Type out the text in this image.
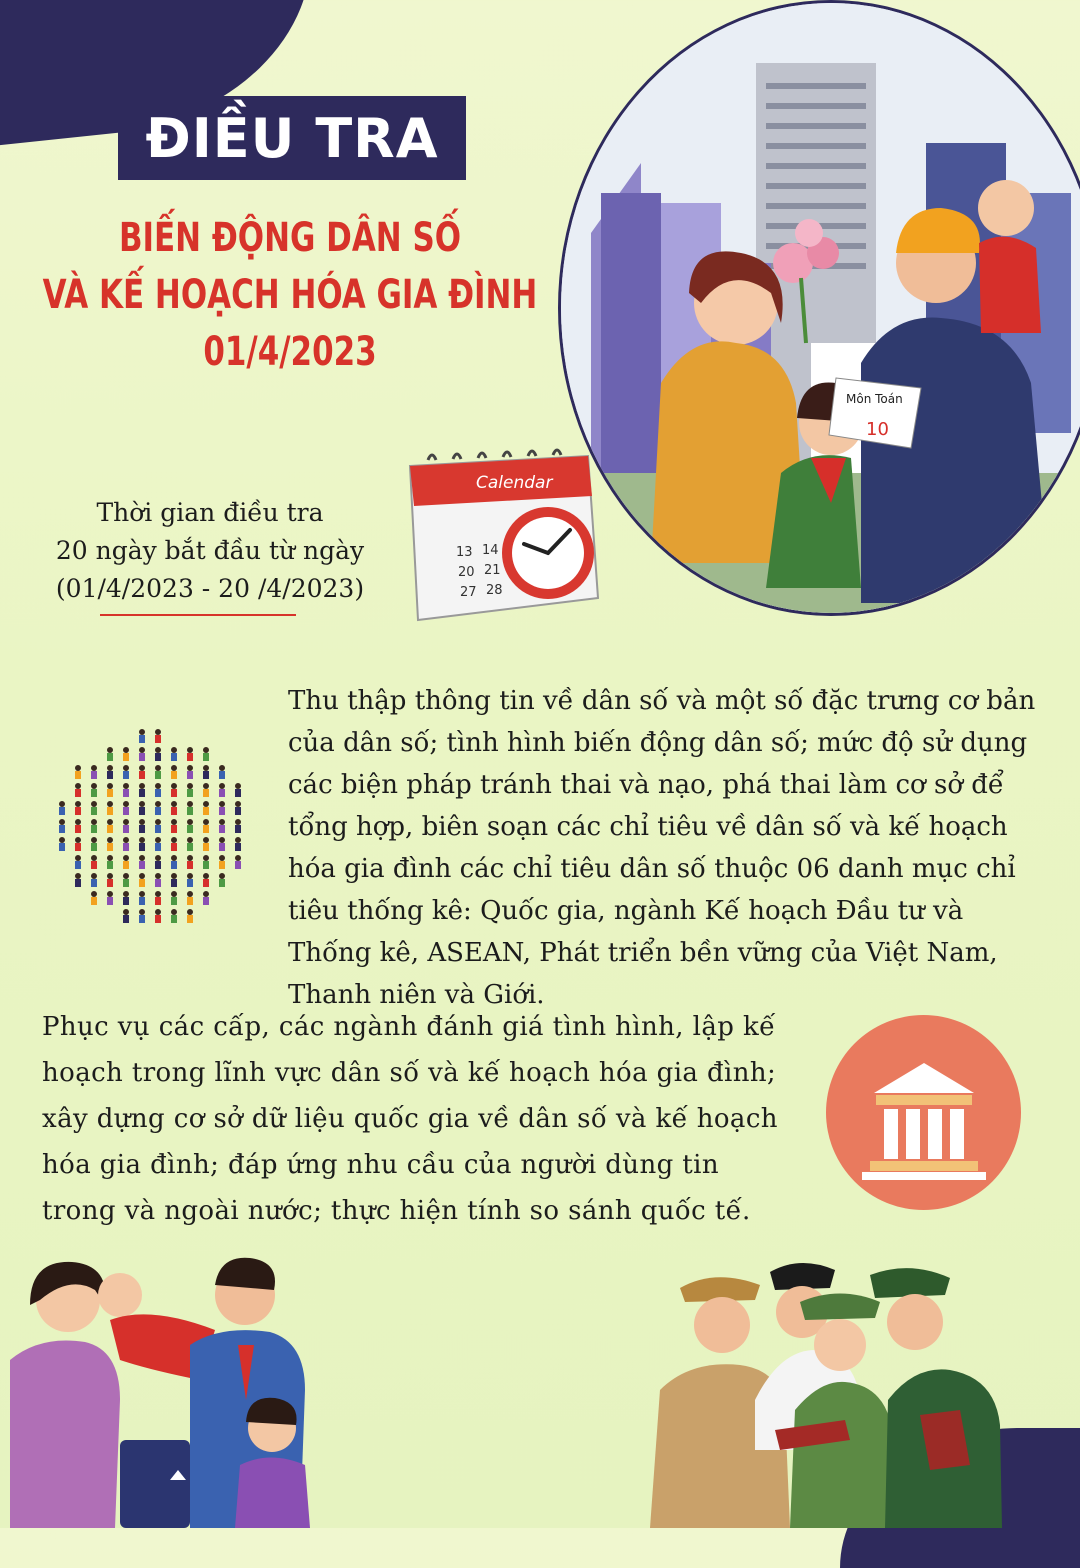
ĐIỀU TRA
BIẾN ĐỘNG DÂN SỐ
VÀ KẾ HOẠCH HÓA GIA ĐÌNH
01/4/2023
Môn Toán
10
Calendar
13 14
20 21
27 28
Thời gian điều tra
20 ngày bắt đầu từ ngày
(01/4/2023 - 20 /4/2023)
Thu thập thông tin về dân số và một số đặc trưng cơ bản của dân số; tình hình biến động dân số; mức độ sử dụng các biện pháp tránh thai và nạo, phá thai làm cơ sở để tổng hợp, biên soạn các chỉ tiêu về dân số và kế hoạch hóa gia đình các chỉ tiêu dân số thuộc 06 danh mục chỉ tiêu thống kê: Quốc gia, ngành Kế hoạch Đầu tư và Thống kê, ASEAN, Phát triển bền vững của Việt Nam, Thanh niên và Giới.
Phục vụ các cấp, các ngành đánh giá tình hình, lập kế hoạch trong lĩnh vực dân số và kế hoạch hóa gia đình; xây dựng cơ sở dữ liệu quốc gia về dân số và kế hoạch hóa gia đình; đáp ứng nhu cầu của người dùng tin trong và ngoài nước; thực hiện tính so sánh quốc tế.
